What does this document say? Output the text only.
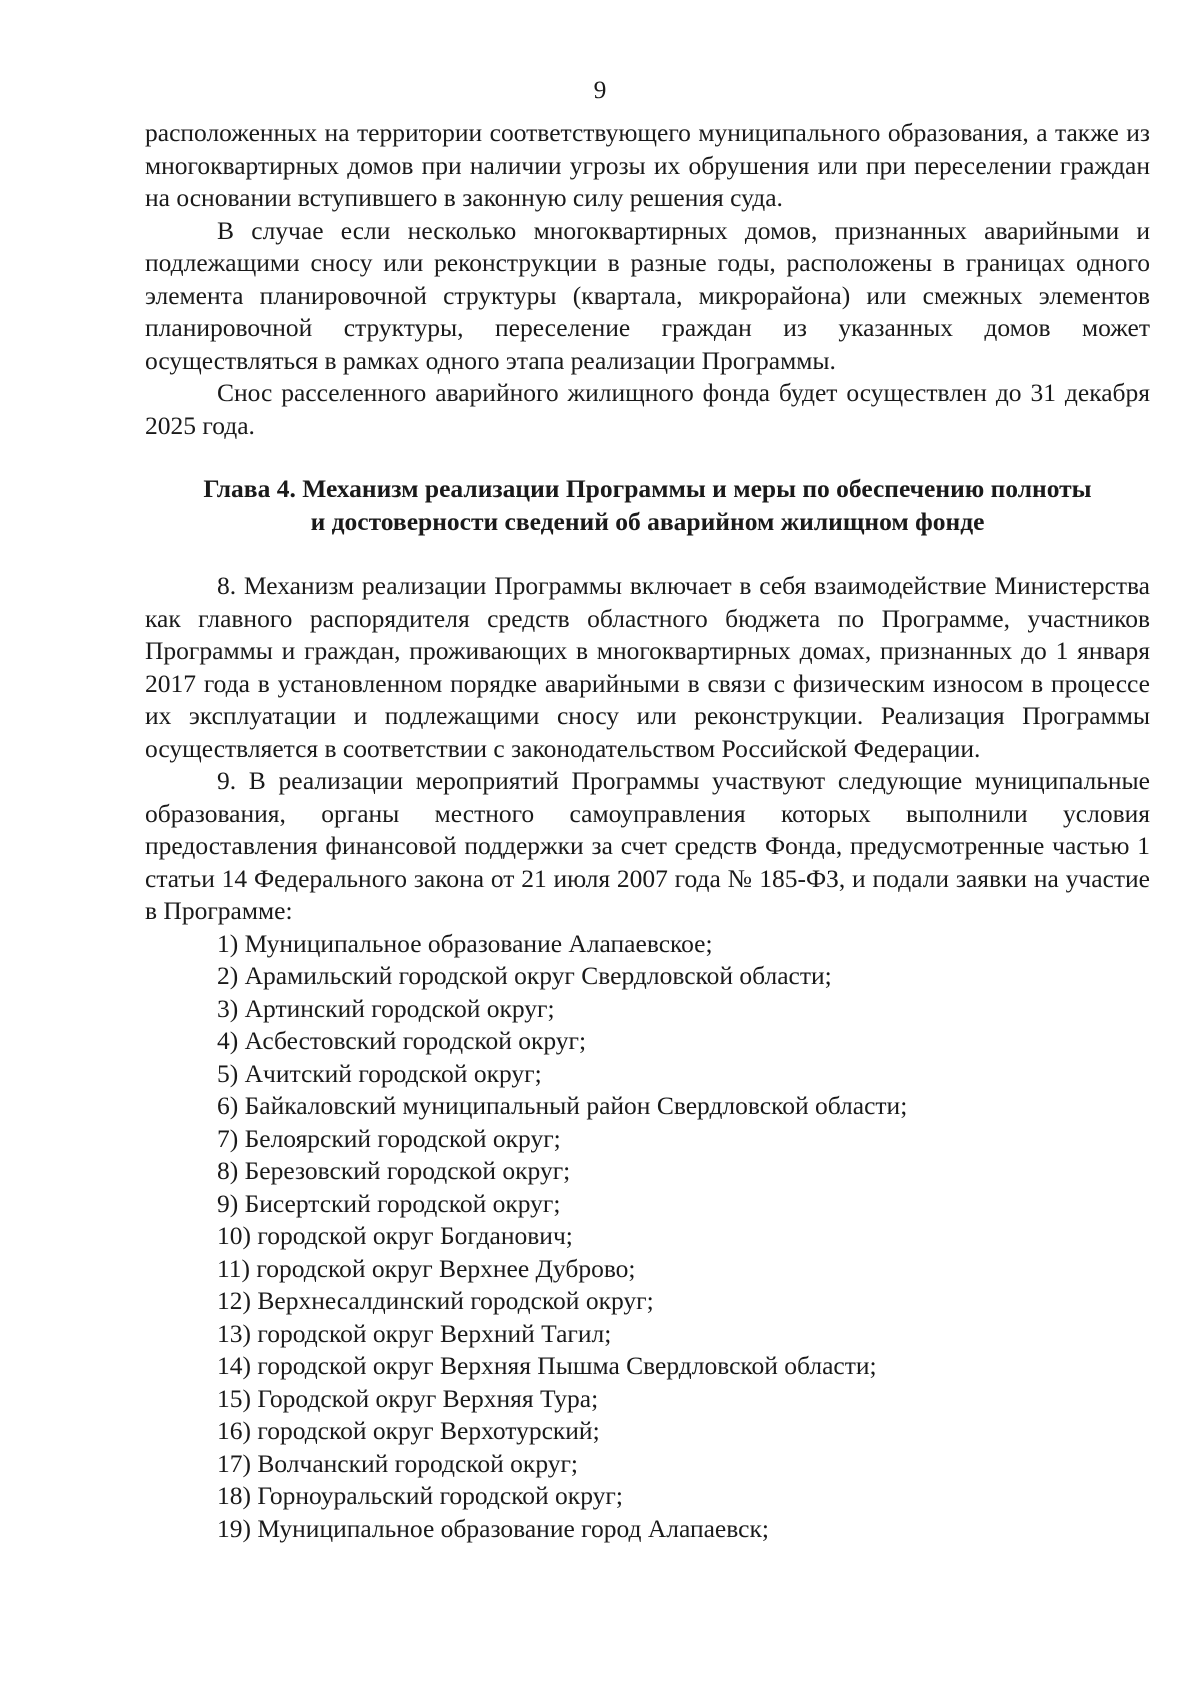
9

расположенных на территории соответствующего муниципального образования, а также из многоквартирных домов при наличии угрозы их обрушения или при переселении граждан на основании вступившего в законную силу решения суда.

В случае если несколько многоквартирных домов, признанных аварийными и подлежащими сносу или реконструкции в разные годы, расположены в границах одного элемента планировочной структуры (квартала, микрорайона) или смежных элементов планировочной структуры, переселение граждан из указанных домов может осуществляться в рамках одного этапа реализации Программы.

Снос расселенного аварийного жилищного фонда будет осуществлен до 31 декабря 2025 года.

Глава 4. Механизм реализации Программы и меры по обеспечению полноты
и достоверности сведений об аварийном жилищном фонде

8. Механизм реализации Программы включает в себя взаимодействие Министерства как главного распорядителя средств областного бюджета по Программе, участников Программы и граждан, проживающих в многоквартирных домах, признанных до 1 января 2017 года в установленном порядке аварийными в связи с физическим износом в процессе их эксплуатации и подлежащими сносу или реконструкции. Реализация Программы осуществляется в соответствии с законодательством Российской Федерации.

9. В реализации мероприятий Программы участвуют следующие муниципальные образования, органы местного самоуправления которых выполнили условия предоставления финансовой поддержки за счет средств Фонда, предусмотренные частью 1 статьи 14 Федерального закона от 21 июля 2007 года № 185-ФЗ, и подали заявки на участие в Программе:

1) Муниципальное образование Алапаевское;
2) Арамильский городской округ Свердловской области;
3) Артинский городской округ;
4) Асбестовский городской округ;
5) Ачитский городской округ;
6) Байкаловский муниципальный район Свердловской области;
7) Белоярский городской округ;
8) Березовский городской округ;
9) Бисертский городской округ;
10) городской округ Богданович;
11) городской округ Верхнее Дуброво;
12) Верхнесалдинский городской округ;
13) городской округ Верхний Тагил;
14) городской округ Верхняя Пышма Свердловской области;
15) Городской округ Верхняя Тура;
16) городской округ Верхотурский;
17) Волчанский городской округ;
18) Горноуральский городской округ;
19) Муниципальное образование город Алапаевск;
